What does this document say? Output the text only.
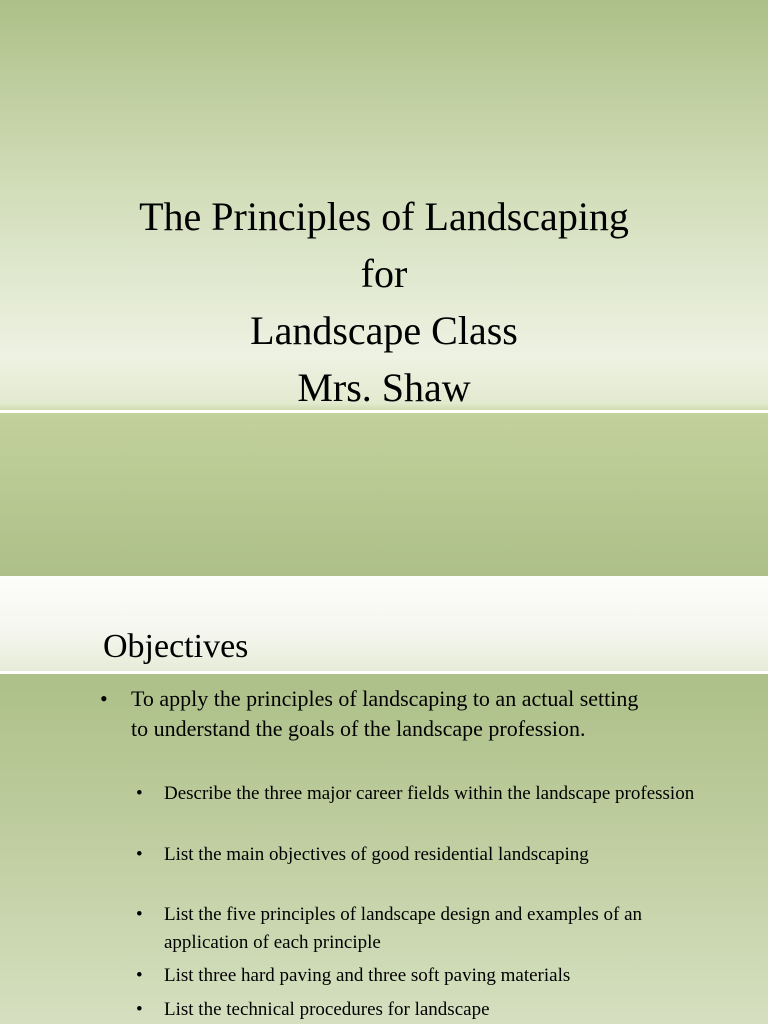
The Principles of Landscaping
for
Landscape Class
Mrs. Shaw
Objectives
• To apply the principles of landscaping to an actual setting to understand the goals of the landscape profession.
• Describe the three major career fields within the landscape profession
• List the main objectives of good residential landscaping
• List the five principles of landscape design and examples of an application of each principle
• List three hard paving and three soft paving materials
• List the technical procedures for landscape
